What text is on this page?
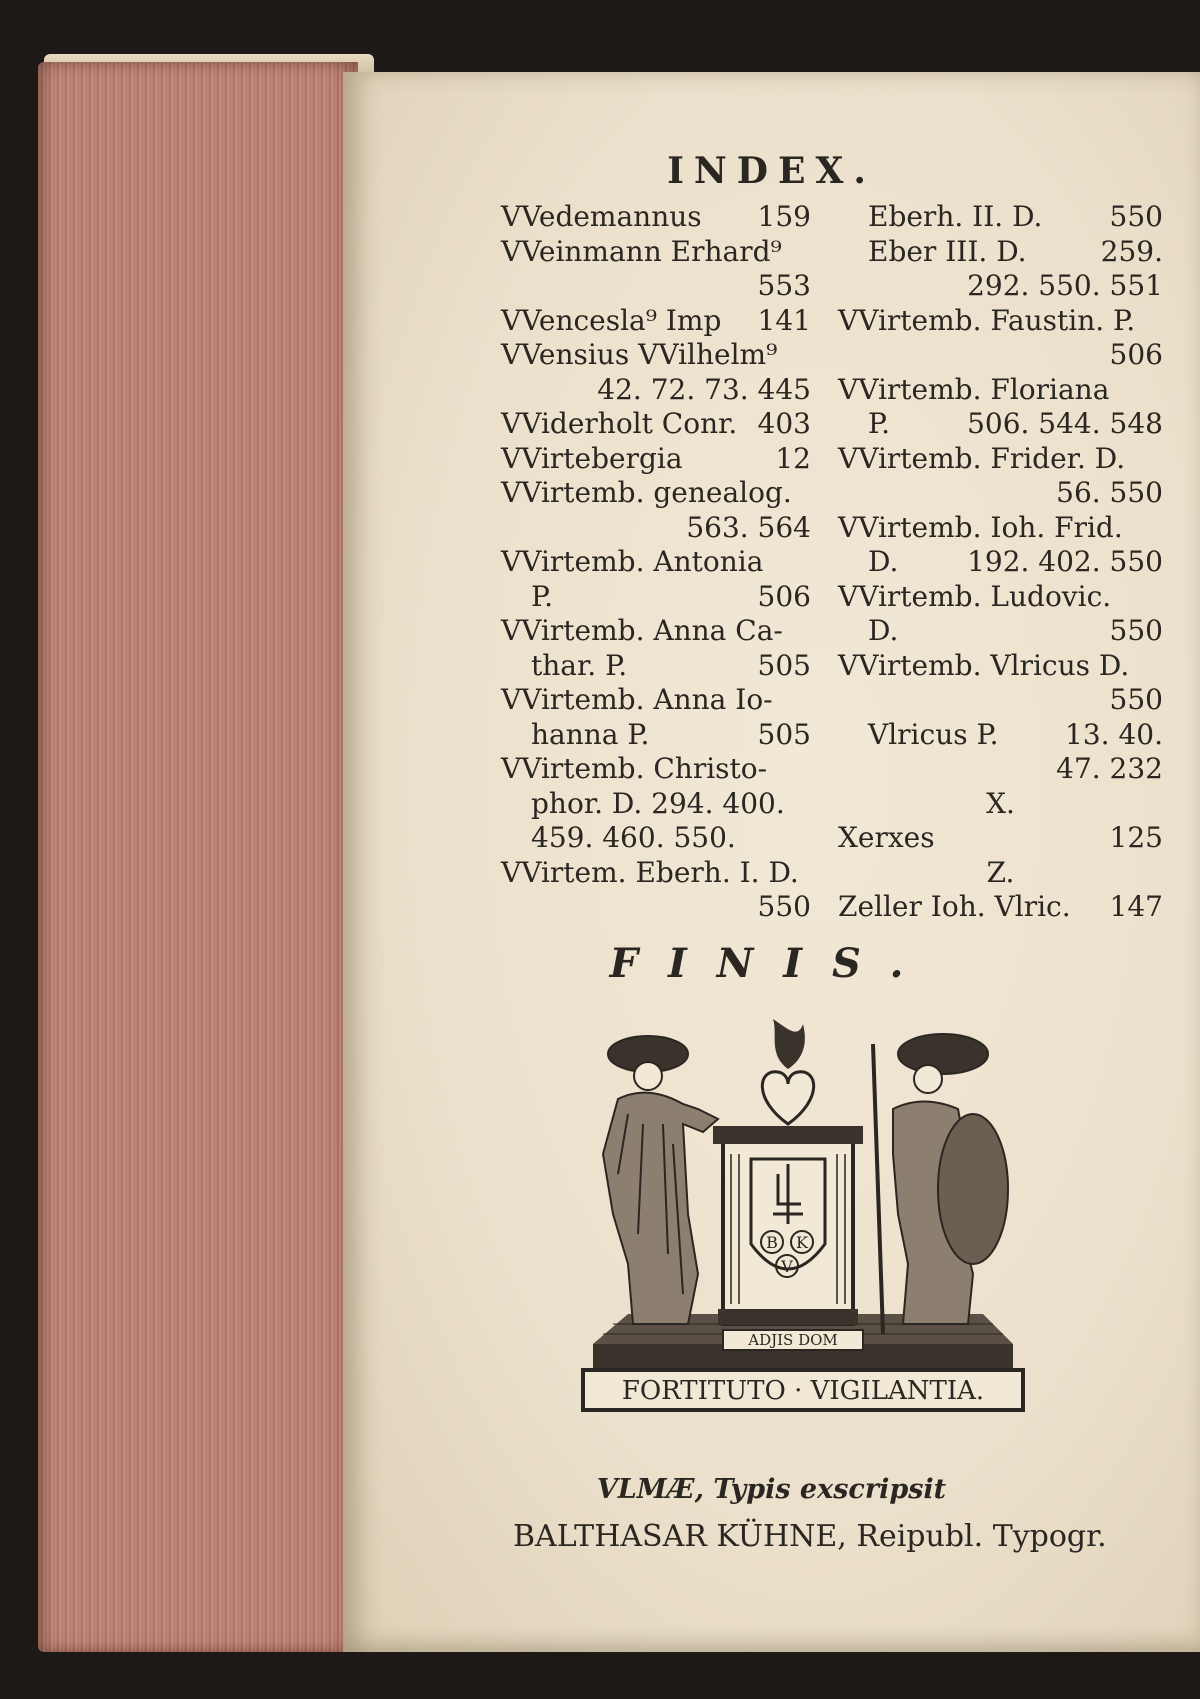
INDEX.
VVedemannus 159
VVeinmann Erhard⁹
553
VVencesla⁹ Imp 141
VVensius VVilhelm⁹
42. 72. 73. 445
VViderholt Conr. 403
VVirtebergia	12
VVirtemb. genealog.
563. 564
VVirtemb. Antonia
P.	506
VVirtemb. Anna Ca-
thar. P.	505
VVirtemb. Anna Io-
hanna P.	505
VVirtemb. Christo-
phor. D. 294. 400.
459. 460. 550.
VVirtem. Eberh. I. D.
550
Eberh. II. D. 550
Eber III. D.	259.
292. 550. 551
VVirtemb. Faustin. P.
506
VVirtemb. Floriana
P.	506. 544. 548
VVirtemb. Frider. D.
56. 550
VVirtemb. Ioh. Frid.
D. 192. 402. 550
VVirtemb. Ludovic.
D.	550
VVirtemb. Vlricus D.
550
Vlricus P. 13. 40.
47. 232
X.
Xerxes	125
Z.
Zeller Ioh. Vlric. 147
FINIS.
B K
V
ADJIS DOM
FORTITUTO · VIGILANTIA.
VLMÆ, Typis exscripsit
BALTHASAR KÜHNE, Reipubl. Typogr.
